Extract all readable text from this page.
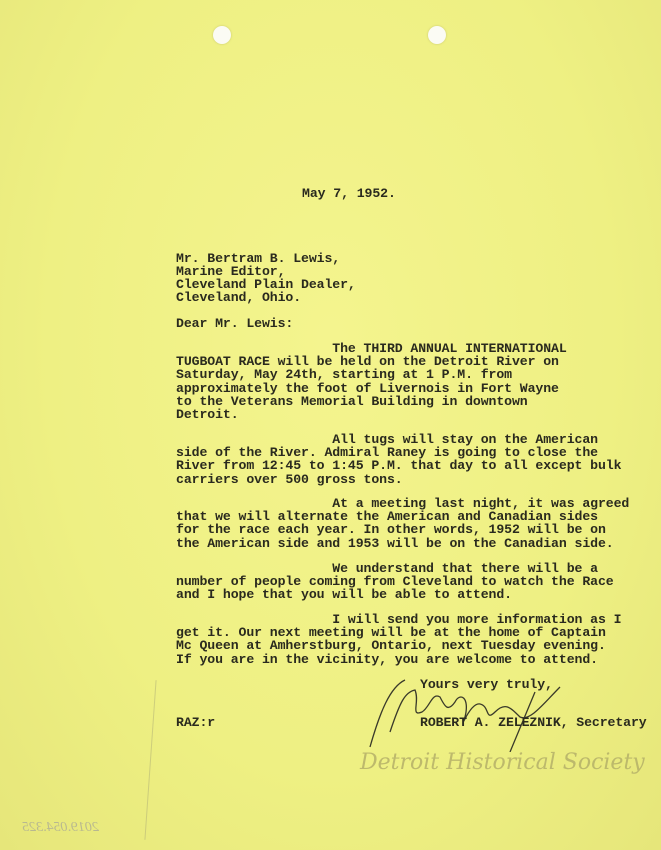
May 7, 1952.
Mr. Bertram B. Lewis,
Marine Editor,
Cleveland Plain Dealer,
Cleveland, Ohio.
Dear Mr. Lewis:
The THIRD ANNUAL INTERNATIONAL
TUGBOAT RACE will be held on the Detroit River on
Saturday, May 24th, starting at 1 P.M. from
approximately the foot of Livernois in Fort Wayne
to the Veterans Memorial Building in downtown
Detroit.
All tugs will stay on the American
side of the River. Admiral Raney is going to close the
River from 12:45 to 1:45 P.M. that day to all except bulk
carriers over 500 gross tons.
At a meeting last night, it was agreed
that we will alternate the American and Canadian sides
for the race each year. In other words, 1952 will be on
the American side and 1953 will be on the Canadian side.
We understand that there will be a
number of people coming from Cleveland to watch the Race
and I hope that you will be able to attend.
I will send you more information as I
get it. Our next meeting will be at the home of Captain
Mc Queen at Amherstburg, Ontario, next Tuesday evening.
If you are in the vicinity, you are welcome to attend.
Yours very truly,
RAZ:r	ROBERT A. ZELEZNIK, Secretary
Detroit Historical Society
2019.054.325
